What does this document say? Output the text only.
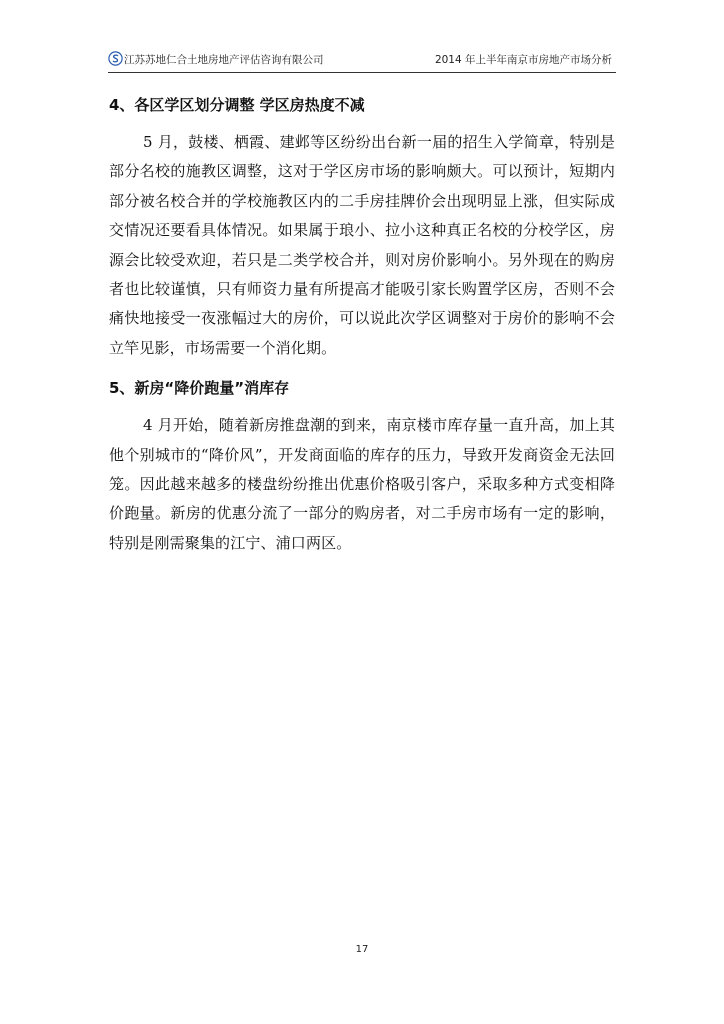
江苏苏地仁合土地房地产评估咨询有限公司	2014 年上半年南京市房地产市场分析
4、各区学区划分调整 学区房热度不减

5 月，鼓楼、栖霞、建邺等区纷纷出台新一届的招生入学简章，特别是部分名校的施教区调整，这对于学区房市场的影响颇大。可以预计，短期内部分被名校合并的学校施教区内的二手房挂牌价会出现明显上涨，但实际成交情况还要看具体情况。如果属于琅小、拉小这种真正名校的分校学区，房源会比较受欢迎，若只是二类学校合并，则对房价影响小。另外现在的购房者也比较谨慎，只有师资力量有所提高才能吸引家长购置学区房，否则不会痛快地接受一夜涨幅过大的房价，可以说此次学区调整对于房价的影响不会立竿见影，市场需要一个消化期。

5、新房“降价跑量”消库存

4 月开始，随着新房推盘潮的到来，南京楼市库存量一直升高，加上其他个别城市的“降价风”，开发商面临的库存的压力，导致开发商资金无法回笼。因此越来越多的楼盘纷纷推出优惠价格吸引客户，采取多种方式变相降价跑量。新房的优惠分流了一部分的购房者，对二手房市场有一定的影响，特别是刚需聚集的江宁、浦口两区。

17
